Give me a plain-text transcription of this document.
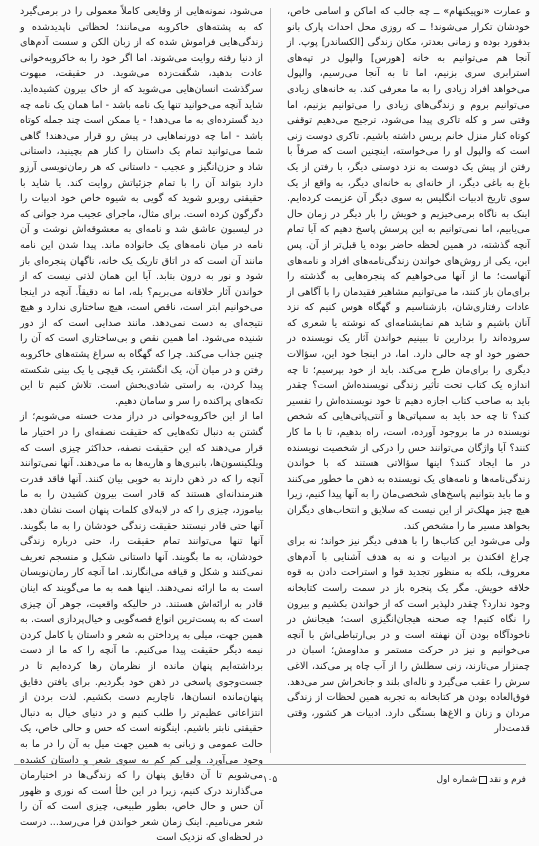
و عمارت «نوپیکنهام» ــ چه جالب که اماکن و اسامی خاص، خودشان تکرار می‌شوند! ــ که روزی محل احداث پارک بانو بدفورد بوده و زمانی بعدتر، مکان زندگی [الکساندر] پوپ. از آنجا هم می‌توانیم به خانه [هورس] والپول در تپه‌های استرابری سری بزنیم، اما تا به آنجا می‌رسیم، والپول می‌خواهد افراد زیادی را به ما معرفی کند. به خانه‌های زیادی می‌توانیم بروم و زندگی‌های زیادی را می‌توانیم بزنیم، اما وقتی سر و کله تاکری پیدا می‌شود، ترجیح می‌دهیم توقفی کوتاه کنار منزل خانم بریس داشته باشیم. تاکری دوست زنی است که والپول او را می‌خواسته، اینچنین است که صرفاً با رفتن از پیش یک دوست به نزد دوستی دیگر، با رفتن از یک باغ به باغی دیگر، از خانه‌ای به خانه‌ای دیگر، به واقع از یک سوی تاریخ ادبیات انگلیس به سوی دیگر آن عزیمت کرده‌ایم. اینک به ناگاه برمی‌خیزیم و خویش را بار دیگر در زمان حال می‌یابیم، اما نمی‌توانیم به این پرسش پاسخ دهیم که آیا تمام آنچه گذشته، در همین لحظه حاضر بوده یا قبل‌تر از آن. پس این، یکی از روش‌های خواندن زندگی‌نامه‌های افراد و نامه‌های آنهاست؛ ما از آنها می‌خواهیم که پنجره‌هایی به گذشته را برای‌مان باز کنند، ما می‌توانیم مشاهیر فقید‌مان را با آگاهی از عادات رفتاری‌شان، بازشناسیم و گهگاه هوس کنیم که نزد آنان باشیم و شاید هم نمایشنامه‌ای که نوشته یا شعری که سروده‌اند را بردارین تا ببینیم خواندن آثار یک نویسنده در حضور خود او چه حالی دارد. اما، در اینجا خود این، سؤالات دیگری را برای‌مان طرح می‌کند. باید از خود بپرسیم؛ تا چه اندازه یک کتاب تحت تأثیر زندگی نویسنده‌اش است؟ چقدر باید به صاحب کتاب اجازه دهیم تا خود نویسنده‌اش را تفسیر کند؟ تا چه حد باید به سمپاتی‌ها و آنتی‌پاتی‌هایی که شخص نویسنده در ما بروجود آورده، است، راه بدهیم، تا با ما کار کنند؟ آیا واژگان می‌توانند حس را درکی از شخصیت نویسنده در ما ایجاد کنند؟ اینها سؤالاتی هستند که با خواندن زندگی‌نامه‌ها و نامه‌های یک نویسنده به ذهن ما خطور می‌کنند و ما باید بتوانیم پاسخ‌های شخصی‌مان را به آنها پیدا کنیم، زیرا هیچ چیز مهلک‌تر از این نیست که سلایق و انتخاب‌های دیگران بخواهد مسیر ما را مشخص کند.

ولی می‌شود این کتاب‌ها را با هدفی دیگر نیز خواند؛ نه برای چراغ افکندن بر ادبیات و نه به هدف آشنایی با آدم‌های معروف، بلکه به منظور تجدید قوا و استراحت دادن به قوه خلاقه خویش. مگر یک پنجره باز در سمت راست کتابخانه وجود ندارد؟ چقدر دلپذیر است که از خواندن بکشیم و بیرون را نگاه کنیم! چه صحنه هیجان‌انگیزی است؛ هیجانش در ناخودآگاه بودن آن نهفته است و در بی‌ارتباطی‌اش با آنچه می‌خوانیم و نیز در حرکت مستمر و مداومش؛ اسبان در چمنزار می‌تازند، زنی سطلش را از آب چاه پر می‌کند، الاغی سرش را عقب می‌گیرد و ناله‌ای بلند و جانخراش سر می‌دهد. فوق‌العاده بودن هر کتابخانه به تجربه همین لحظات از زندگی مردان و زنان و الاغ‌ها بستگی دارد. ادبیات هر کشور، وقتی قدمت‌دار

می‌شود، نمونه‌هایی از وقایعی کاملاً معمولی را در برمی‌گیرد که به پشته‌های خاکروبه می‌مانند؛ لحظاتی ناپدیدشده و زندگی‌هایی فراموش شده که از زبان الکن و سست آدم‌های از دنیا رفته روایت می‌شوند. اما اگر خود را به خاکروبه‌خوانی عادت بدهید، شگفت‌زده می‌شوید. در حقیقت، مبهوت سرگذشت انسان‌هایی می‌شوید که از خاک بیرون کشیده‌اید. شاید آنچه می‌خوانید تنها یک نامه باشد - اما همان یک نامه چه دید گسترده‌ای به ما می‌دهد! - یا ممکن است چند جمله کوتاه باشد - اما چه دورنماهایی در پیش رو قرار می‌دهند! گاهی شما می‌توانید تمام یک داستان را کنار هم بچینید، داستانی شاد و حزن‌انگیز و عجیب - داستانی که هر رمان‌نویسی آرزو دارد بتواند آن را با تمام جزئیاتش روایت کند. یا شاید با حقیقتی روبرو شوید که گویی به شیوه خاص خود ادبیات را دگرگون کرده است. برای مثال، ماجرای عجیب مرد جوانی که در لیسبون عاشق شد و نامه‌ای به معشوقه‌اش نوشت و آن نامه در میان نامه‌های یک خانواده ماند. پیدا شدن این نامه مانند آن است که در اتاق تاریک یک خانه، ناگهان پنجره‌ای باز شود و نور به درون بتابد. آیا این همان لذتی نیست که از خواندن آثار خلاقانه می‌بریم؟ بله، اما نه دقیقاً. آنچه در اینجا می‌خوانیم ابتر است، ناقص است، هیچ ساختاری ندارد و هیچ نتیجه‌ای به دست نمی‌دهد. مانند صدایی است که از دور شنیده می‌شود. اما همین نقص و بی‌ساختاری است که آن را چنین جذاب می‌کند. چرا که گهگاه به سراغ پشته‌های خاکروبه رفتن و در میان آن، یک انگشتر، یک قیچی یا یک بینی شکسته پیدا کردن، به راستی شادی‌بخش است. تلاش کنیم تا این تکه‌های پراکنده را سر و سامان دهیم.

اما از این خاکروبه‌خوانی در دراز مدت خسته می‌شویم؛ از گشتن به دنبال تکه‌هایی که حقیقت نصفه‌ای را در اختیار ما قرار می‌دهند که این حقیقت نصفه، حداکثر چیزی است که ویلکینسون‌ها، بانبری‌ها و هاریه‌ها به ما می‌دهند. آنها نمی‌توانند آنچه را که در ذهن دارند به خوبی بیان کنند. آنها فاقد قدرت هنرمندانه‌ای هستند که قادر است بیرون کشیدن را به ما بیاموزد، چیزی را که در لابه‌لای کلمات پنهان است نشان دهد. آنها حتی قادر نیستند حقیقت زندگی خودشان را به ما بگویند. آنها تنها می‌توانند تمام حقیقت را، حتی درباره زندگی خودشان، به ما بگویند. آنها داستانی شکیل و منسجم تعریف نمی‌کنند و شکل و قیافه می‌انگارند. اما آنچه کار رمان‌نویسان است به ما ارائه نمی‌دهند. اینها همه به ما می‌گویند که اینان قادر به ارائه‌اش هستند. در حالیکه واقعیت، جوهر آن چیزی است که به پست‌ترین انواع قصه‌گویی و خیال‌پردازی است. به همین جهت، میلی به پرداختن به شعر و داستان یا کامل کردن نیمه دیگر حقیقت پیدا می‌کنیم. ما آنچه را که ما از دست برداشته‌ایم پنهان مانده از نظرمان رها کرده‌ایم تا در جست‌وجوی پاسخی در ذهن خود بگردیم. برای یافتن دقایق پنهان‌مانده انسان‌ها، ناچاریم دست بکشیم. لذت بردن از انتزاعاتی عظیم‌تر را طلب کنیم و در دنیای خیال به دنبال حقیقتی نابتر باشیم. اینگونه است که حس و حالی خاص، یک حالت عمومی و زبانی به همین جهت میل به آن را در ما به وجود می‌آورد. ولی کم کم به سوی شعر و داستان کشیده می‌شویم تا آن دقایق پنهان را که زندگی‌ها در اختیارمان می‌گذارند درک کنیم، زیرا در این خلأ است که نوری و ظهور آن حس و حال خاص، بطور طبیعی، چیزی است که آن را شعر می‌نامیم. اینک زمان شعر خواندن فرا می‌رسد... درست در لحظه‌ای که نزدیک است

فرم و نقدشماره اول
۱۰۵
